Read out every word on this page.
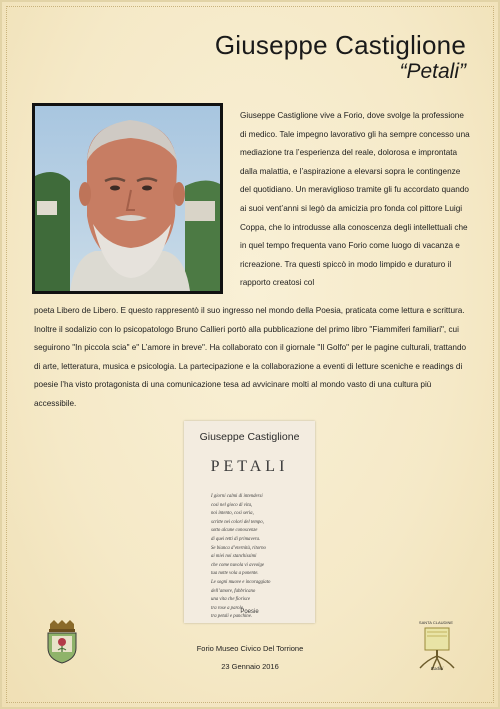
Giuseppe Castiglione
“Petali”
Giuseppe Castiglione vive a Forio, dove svolge la professione di medico. Tale impegno lavorativo gli ha sempre concesso una mediazione tra l’esperienza del reale, dolorosa e improntata dalla malattia, e l’aspirazione a elevarsi sopra le contingenze del quotidiano. Un meraviglioso tramite gli fu accordato quando ai suoi vent’anni si legò da amicizia pro fonda col pittore Luigi Coppa, che lo introdusse alla conoscenza degli intellettuali che in quel tempo frequenta vano Forio come luogo di vacanza e ricreazione. Tra questi spiccò in modo limpido e duraturo il rapporto creatosi col
poeta Libero de Libero. E questo rappresentò il suo ingresso nel mondo della Poesia, praticata come lettura e scrittura. Inoltre il sodalizio con lo psicopatologo Bruno Callieri portò alla pubblicazione del primo libro "Fiammiferi familiari", cui seguirono "In piccola scia" e" L’amore in breve". Ha collaborato con il giornale "Il Golfo" per le pagine culturali, trattando di arte, letteratura, musica e psicologia. La partecipazione e la collaborazione a eventi di letture sceniche e readings di poesie l’ha visto protagonista di una comunicazione tesa ad avvicinare molti al mondo vasto di una cultura più accessibile.
Giuseppe Castiglione
PETALI
I giorni calmi di intendersi
così nel gioco di vita,
noi intento, così seria,
scritte nei colori del tempo,
sotto alcune conoscenze
di quei tetti di primavera.
Se bianca d’eternità, ritorno
ai miei noi stanchissimi
che come nuvola vi avvolge
tua notte vola a ponente.
Le sogni muove e incoraggiato
dell’amore, fabbricano
una vita che fiorisce
tra rose a parole,
tra petali e panchine.
Poesie
Forio Museo Civico Del Torrione
23 Gennaio 2016
SANTA CLAUDINE
Radici
